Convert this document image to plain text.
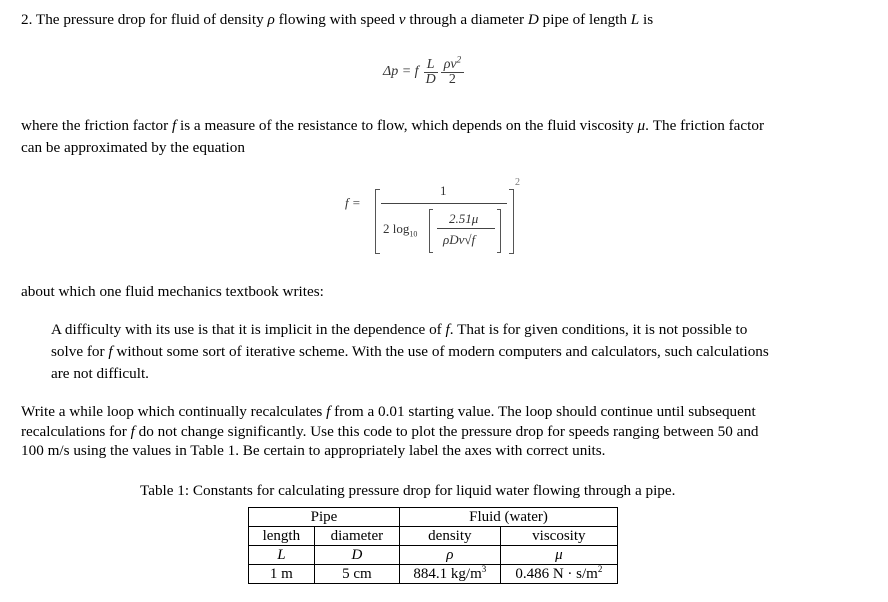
2. The pressure drop for fluid of density ρ flowing with speed v through a diameter D pipe of length L is
Δp = f $\frac{L}{D} \frac{\rho v^2}{2}$
where the friction factor f is a measure of the resistance to flow, which depends on the fluid viscosity μ. The friction factor
can be approximated by the equation
f =
2
1
2 $\log_{10}$
2.51μ
ρDv√f
about which one fluid mechanics textbook writes:
A difficulty with its use is that it is implicit in the dependence of f. That is for given conditions, it is not possible to
solve for f without some sort of iterative scheme. With the use of modern computers and calculators, such calculations
are not difficult.
Write a while loop which continually recalculates f from a 0.01 starting value. The loop should continue until subsequent
recalculations for f do not change significantly. Use this code to plot the pressure drop for speeds ranging between 50 and
100 m/s using the values in Table 1. Be certain to appropriately label the axes with correct units.
Table 1: Constants for calculating pressure drop for liquid water flowing through a pipe.
Pipe		Fluid (water)	
length	diameter	density	viscosity
L	D	ρ	μ
1 m	5 cm	884.1 $kg/m^3$	0.486 $N \cdot s/m^2$
